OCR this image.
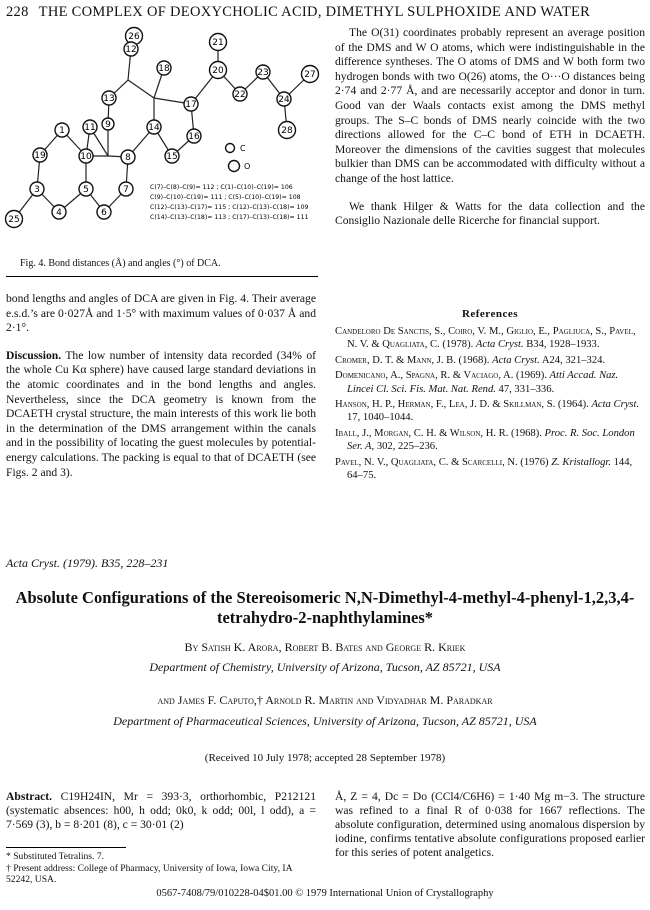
228 THE COMPLEX OF DEOXYCHOLIC ACID, DIMETHYL SULPHOXIDE AND WATER
26
21
12
13
18	20	23	27
11
17
22	24
1
9	14
16
19	8	15
28
10
3	5	7
25
4	6
C
O
C(7)–C(8)–C(9)= 112 ; C(1)–C(10)–C(19)= 106
C(9)–C(10)–C(19)= 111 ; C(5)–C(10)–C(19)= 108
C(12)–C(13)–C(17)= 115 ; C(12)–C(13)–C(18)= 109
C(14)–C(13)–C(18)= 113 ; C(17)–C(13)–C(18)= 111
Fig. 4. Bond distances (Å) and angles (°) of DCA.

bond lengths and angles of DCA are given in Fig. 4. Their average e.s.d.’s are 0·027Å and 1·5° with maximum values of 0·037 Å and 2·1°.

Discussion. The low number of intensity data recorded (34% of the whole Cu Kα sphere) have caused large standard deviations in the atomic coordinates and in the bond lengths and angles. Nevertheless, since the DCA geometry is known from the DCAETH crystal structure, the main interests of this work lie both in the determination of the DMS arrangement within the canals and in the possibility of locating the guest molecules by potential-energy calculations. The packing is equal to that of DCAETH (see Figs. 2 and 3).

The O(31) coordinates probably represent an average position of the DMS and W O atoms, which were indistinguishable in the difference syntheses. The O atoms of DMS and W both form two hydrogen bonds with two O(26) atoms, the O···O distances being 2·74 and 2·77 Å, and are necessarily acceptor and donor in turn. Good van der Waals contacts exist among the DMS methyl groups. The S–C bonds of DMS nearly coincide with the two directions allowed for the C–C bond of ETH in DCAETH. Moreover the dimensions of the cavities suggest that molecules bulkier than DMS can be accommodated with difficulty without a change of the host lattice.

We thank Hilger & Watts for the data collection and the Consiglio Nazionale delle Ricerche for financial support.

References

Candeloro De Sanctis, S., Coiro, V. M., Giglio, E., Pagliuca, S., Pavel, N. V. & Quagliata, C. (1978). Acta Cryst. B34, 1928–1933.

Cromer, D. T. & Mann, J. B. (1968). Acta Cryst. A24, 321–324.

Domenicano, A., Spagna, R. & Vaciago, A. (1969). Atti Accad. Naz. Lincei Cl. Sci. Fis. Mat. Nat. Rend. 47, 331–336.

Hanson, H. P., Herman, F., Lea, J. D. & Skillman, S. (1964). Acta Cryst. 17, 1040–1044.

Iball, J., Morgan, C. H. & Wilson, H. R. (1968). Proc. R. Soc. London Ser. A, 302, 225–236.

Pavel, N. V., Quagliata, C. & Scarcelli, N. (1976) Z. Kristallogr. 144, 64–75.

Acta Cryst. (1979). B35, 228–231
Absolute Configurations of the Stereoisomeric N,N-Dimethyl-4-methyl-4-phenyl-1,2,3,4-tetrahydro-2-naphthylamines*
By Satish K. Arora, Robert B. Bates and George R. Kriek
Department of Chemistry, University of Arizona, Tucson, AZ 85721, USA
and James F. Caputo,† Arnold R. Martin and Vidyadhar M. Paradkar
Department of Pharmaceutical Sciences, University of Arizona, Tucson, AZ 85721, USA
(Received 10 July 1978; accepted 28 September 1978)
Abstract. C19H24IN, Mr = 393·3, orthorhombic, P212121 (systematic absences: h00, h odd; 0k0, k odd; 00l, l odd), a = 7·569 (3), b = 8·201 (8), c = 30·01 (2)
Å, Z = 4, Dc = Do (CCl4/C6H6) = 1·40 Mg m−3. The structure was refined to a final R of 0·038 for 1667 reflections. The absolute configuration, determined using anomalous dispersion by iodine, confirms tentative absolute configurations proposed earlier for this series of potent analgetics.
* Substituted Tetralins. 7.
† Present address: College of Pharmacy, University of Iowa, Iowa City, IA 52242, USA.
0567-7408/79/010228-04$01.00 © 1979 International Union of Crystallography
